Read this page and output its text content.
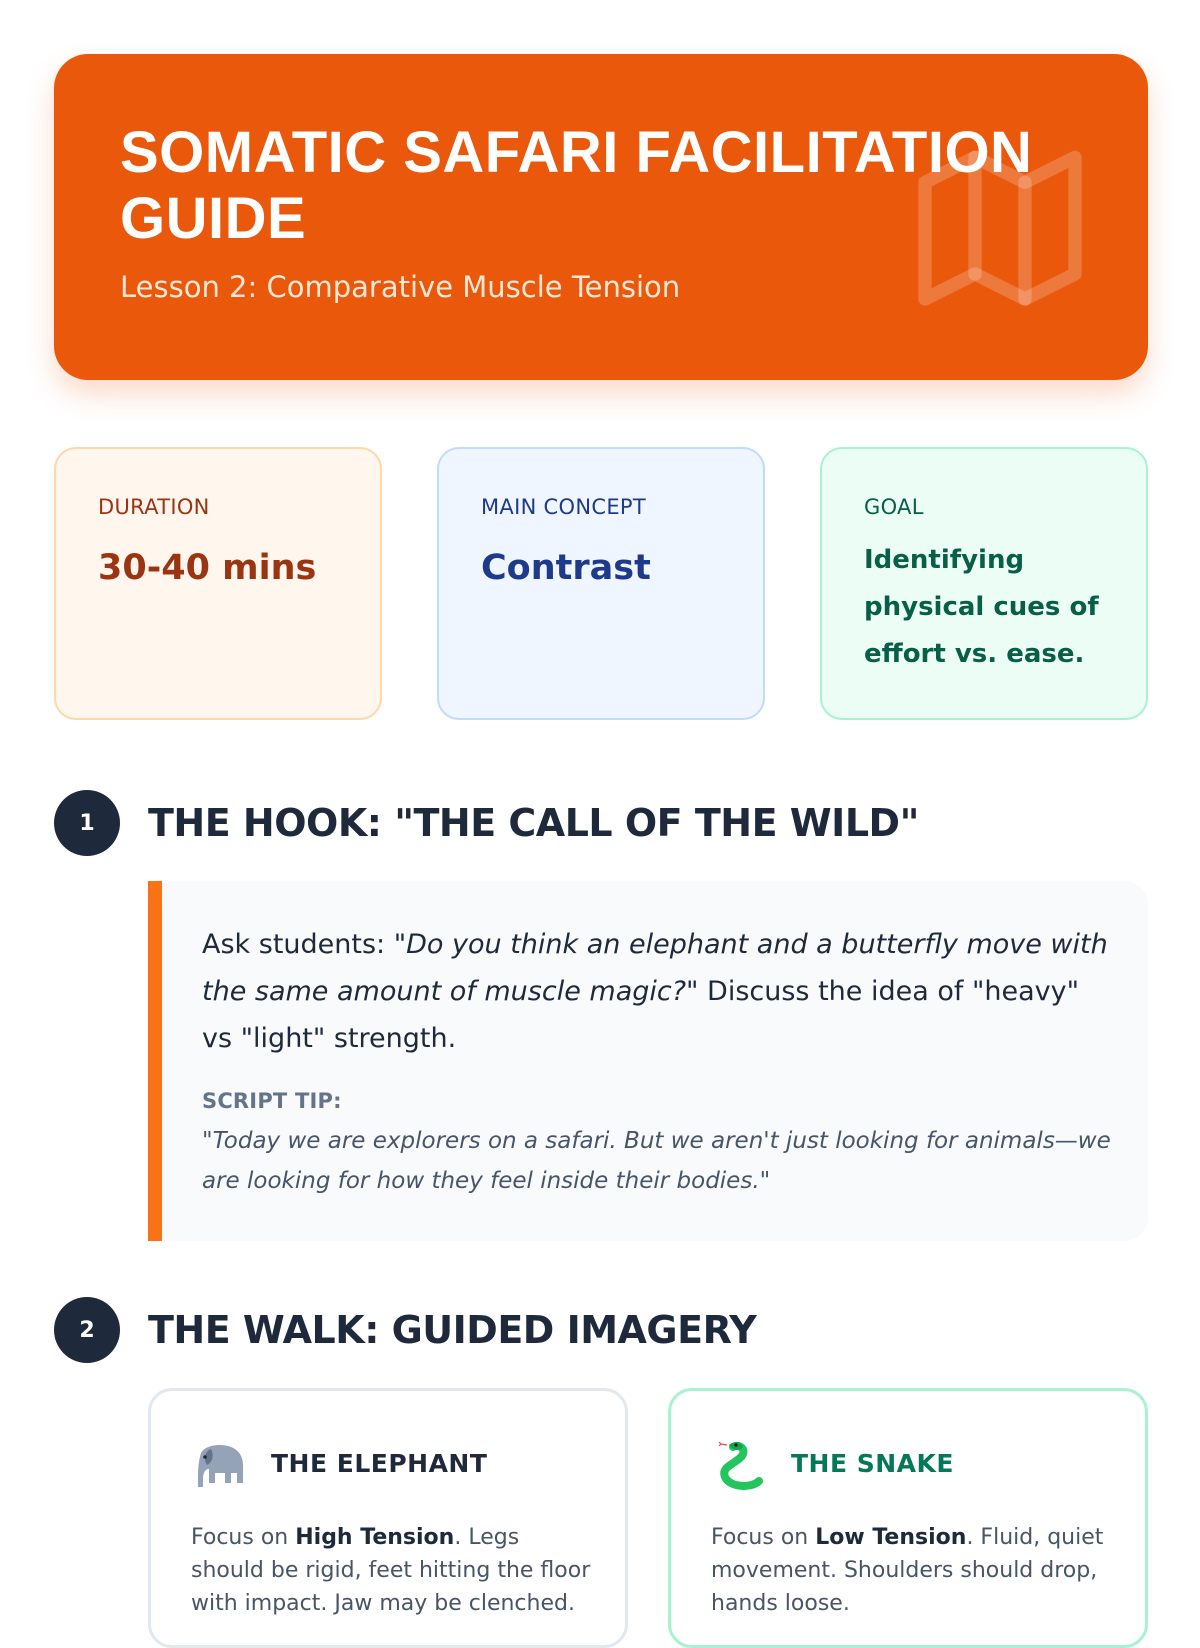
SOMATIC SAFARI FACILITATION GUIDE
Lesson 2: Comparative Muscle Tension
DURATION
30-40 mins
MAIN CONCEPT
Contrast
GOAL
Identifying physical cues of effort vs. ease.
1	THE HOOK: "THE CALL OF THE WILD"

Ask students: "Do you think an elephant and a butterfly move with the same amount of muscle magic?" Discuss the idea of "heavy" vs "light" strength.

SCRIPT TIP:

"Today we are explorers on a safari. But we aren't just looking for animals—we are looking for how they feel inside their bodies."

2	THE WALK: GUIDED IMAGERY
THE ELEPHANT

Focus on High Tension. Legs should be rigid, feet hitting the floor with impact. Jaw may be clenched.

THE SNAKE

Focus on Low Tension. Fluid, quiet movement. Shoulders should drop, hands loose.
